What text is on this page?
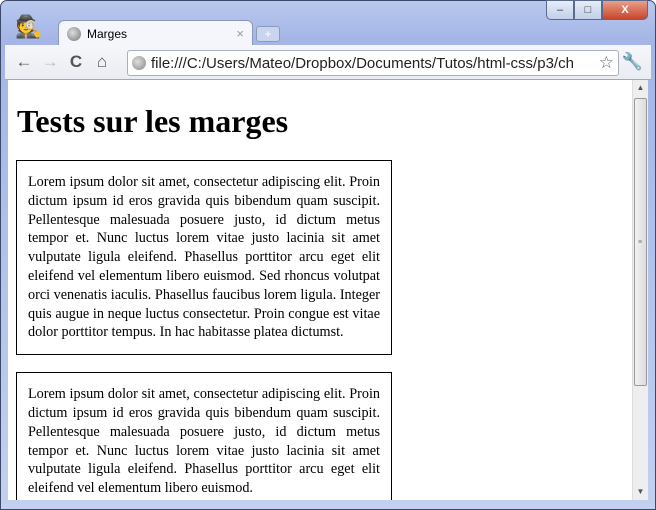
🕵
–	□	X
Marges	×	+
← → C ⌂	file:///C:/Users/Mateo/Dropbox/Documents/Tutos/html-css/p3/ch ☆ 🔧
Tests sur les marges
Lorem ipsum dolor sit amet, consectetur adipiscing elit. Proin dictum ipsum id eros gravida quis bibendum quam suscipit. Pellentesque malesuada posuere justo, id dictum metus tempor et. Nunc luctus lorem vitae justo lacinia sit amet vulputate ligula eleifend. Phasellus porttitor arcu eget elit eleifend vel elementum libero euismod. Sed rhoncus volutpat orci venenatis iaculis. Phasellus faucibus lorem ligula. Integer quis augue in neque luctus consectetur. Proin congue est vitae dolor porttitor tempus. In hac habitasse platea dictumst.
Lorem ipsum dolor sit amet, consectetur adipiscing elit. Proin dictum ipsum id eros gravida quis bibendum quam suscipit. Pellentesque malesuada posuere justo, id dictum metus tempor et. Nunc luctus lorem vitae justo lacinia sit amet vulputate ligula eleifend. Phasellus porttitor arcu eget elit eleifend vel elementum libero euismod.
▲
≡
▼
